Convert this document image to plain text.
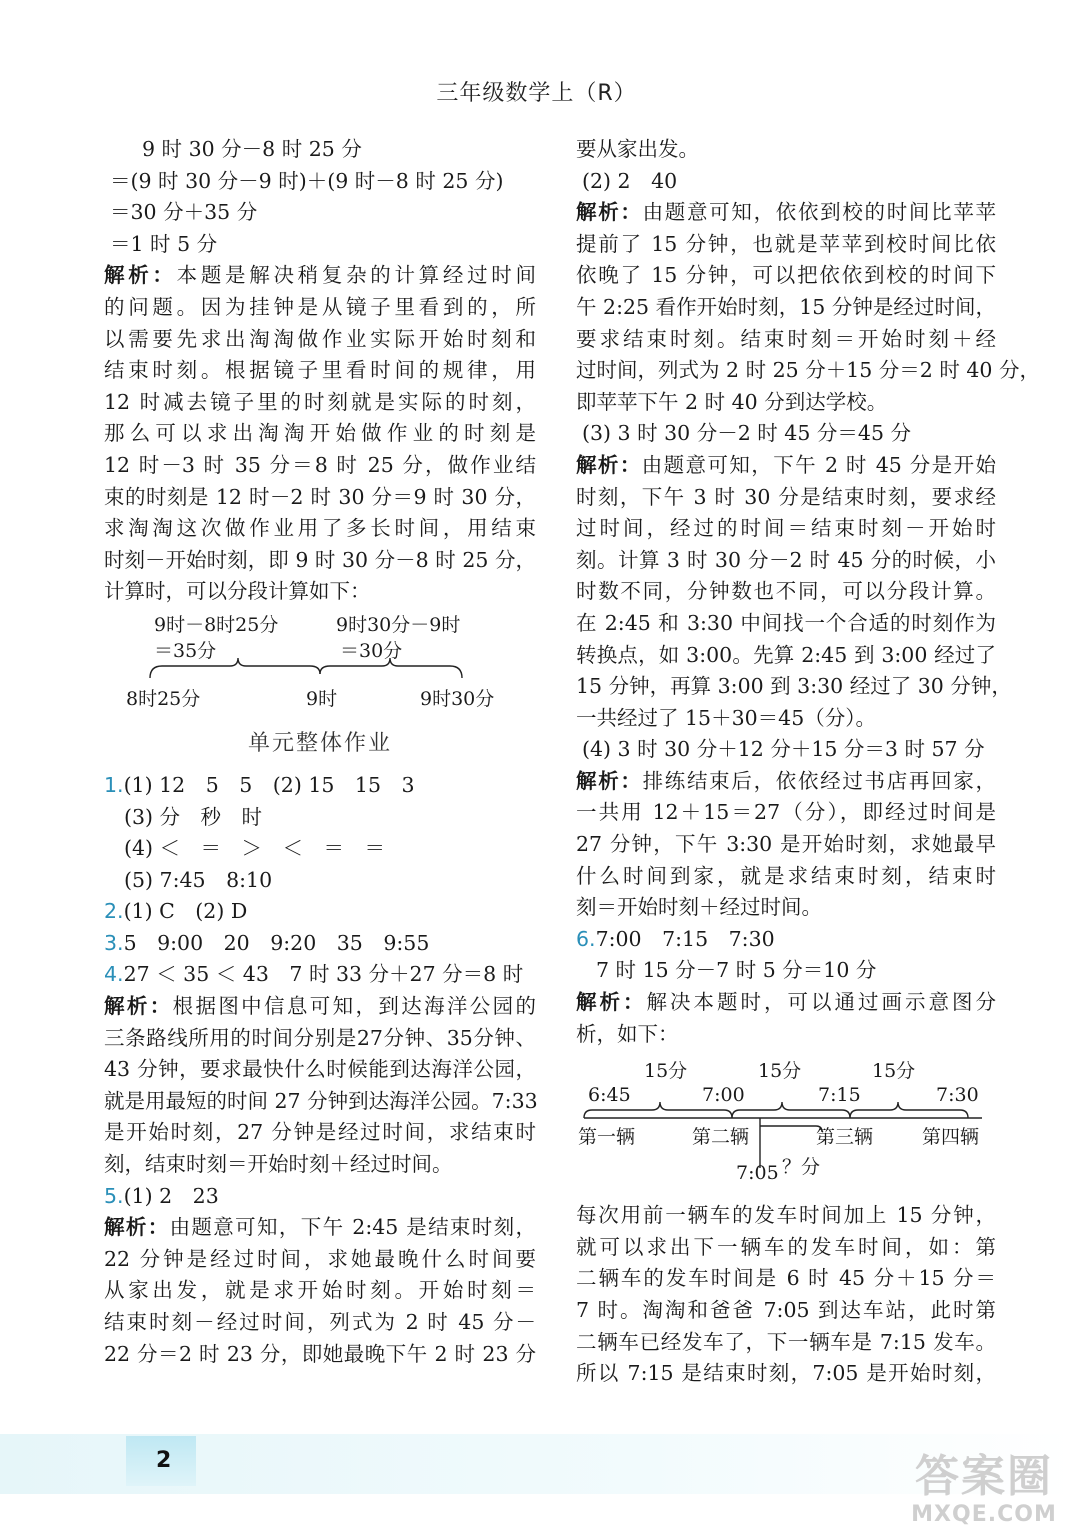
三年级数学上（R）
9 时 30 分－8 时 25 分
＝(9 时 30 分－9 时)＋(9 时－8 时 25 分)
＝30 分＋35 分
＝1 时 5 分
解析：本题是解决稍复杂的计算经过时间
的问题。因为挂钟是从镜子里看到的，所
以需要先求出淘淘做作业实际开始时刻和
结束时刻。根据镜子里看时间的规律，用
12 时减去镜子里的时刻就是实际的时刻，
那么可以求出淘淘开始做作业的时刻是
12 时－3 时 35 分＝8 时 25 分，做作业结
束的时刻是 12 时－2 时 30 分＝9 时 30 分，
求淘淘这次做作业用了多长时间，用结束
时刻－开始时刻，即 9 时 30 分－8 时 25 分，
计算时，可以分段计算如下：
9时－8时25分
＝35分
9时30分－9时
＝30分
8时25分	9时	9时30分
单元整体作业
1.(1) 12　5　5　(2) 15　15　3
(3) 分　秒　时
(4) ＜　＝　＞　＜　＝　＝
(5) 7:45　8:10
2.(1) C　(2) D
3.5　9:00　20　9:20　35　9:55
4.27 ＜ 35 ＜ 43　7 时 33 分＋27 分＝8 时
解析：根据图中信息可知，到达海洋公园的
三条路线所用的时间分别是27分钟、35分钟、
43 分钟，要求最快什么时候能到达海洋公园，
就是用最短的时间 27 分钟到达海洋公园。7:33
是开始时刻，27 分钟是经过时间，求结束时
刻，结束时刻＝开始时刻＋经过时间。
5.(1) 2　23
解析：由题意可知，下午 2:45 是结束时刻，
22 分钟是经过时间，求她最晚什么时间要
从家出发，就是求开始时刻。开始时刻＝
结束时刻－经过时间，列式为 2 时 45 分－
22 分＝2 时 23 分，即她最晚下午 2 时 23 分
要从家出发。
(2) 2　40
解析：由题意可知，依依到校的时间比苹苹
提前了 15 分钟，也就是苹苹到校时间比依
依晚了 15 分钟，可以把依依到校的时间下
午 2:25 看作开始时刻，15 分钟是经过时间，
要求结束时刻。结束时刻＝开始时刻＋经
过时间，列式为 2 时 25 分＋15 分＝2 时 40 分，
即苹苹下午 2 时 40 分到达学校。
(3) 3 时 30 分－2 时 45 分＝45 分
解析：由题意可知，下午 2 时 45 分是开始
时刻，下午 3 时 30 分是结束时刻，要求经
过时间，经过的时间＝结束时刻－开始时
刻。计算 3 时 30 分－2 时 45 分的时候，小
时数不同，分钟数也不同，可以分段计算。
在 2:45 和 3:30 中间找一个合适的时刻作为
转换点，如 3:00。先算 2:45 到 3:00 经过了
15 分钟，再算 3:00 到 3:30 经过了 30 分钟，
一共经过了 15＋30＝45（分）。
(4) 3 时 30 分＋12 分＋15 分＝3 时 57 分
解析：排练结束后，依依经过书店再回家，
一共用 12＋15＝27（分），即经过时间是
27 分钟，下午 3:30 是开始时刻，求她最早
什么时间到家，就是求结束时刻，结束时
刻＝开始时刻＋经过时间。
6.7:00　7:15　7:30
7 时 15 分－7 时 5 分＝10 分
解析：解决本题时，可以通过画示意图分
析，如下：
15分	15分	15分
6:45	7:00	7:15	7:30
第一辆	第二辆	第三辆	第四辆
7:05 ？分
每次用前一辆车的发车时间加上 15 分钟，
就可以求出下一辆车的发车时间，如：第
二辆车的发车时间是 6 时 45 分＋15 分＝
7 时。淘淘和爸爸 7:05 到达车站，此时第
二辆车已经发车了，下一辆车是 7:15 发车。
所以 7:15 是结束时刻，7:05 是开始时刻，
2	答案圈
MXQE.COM
